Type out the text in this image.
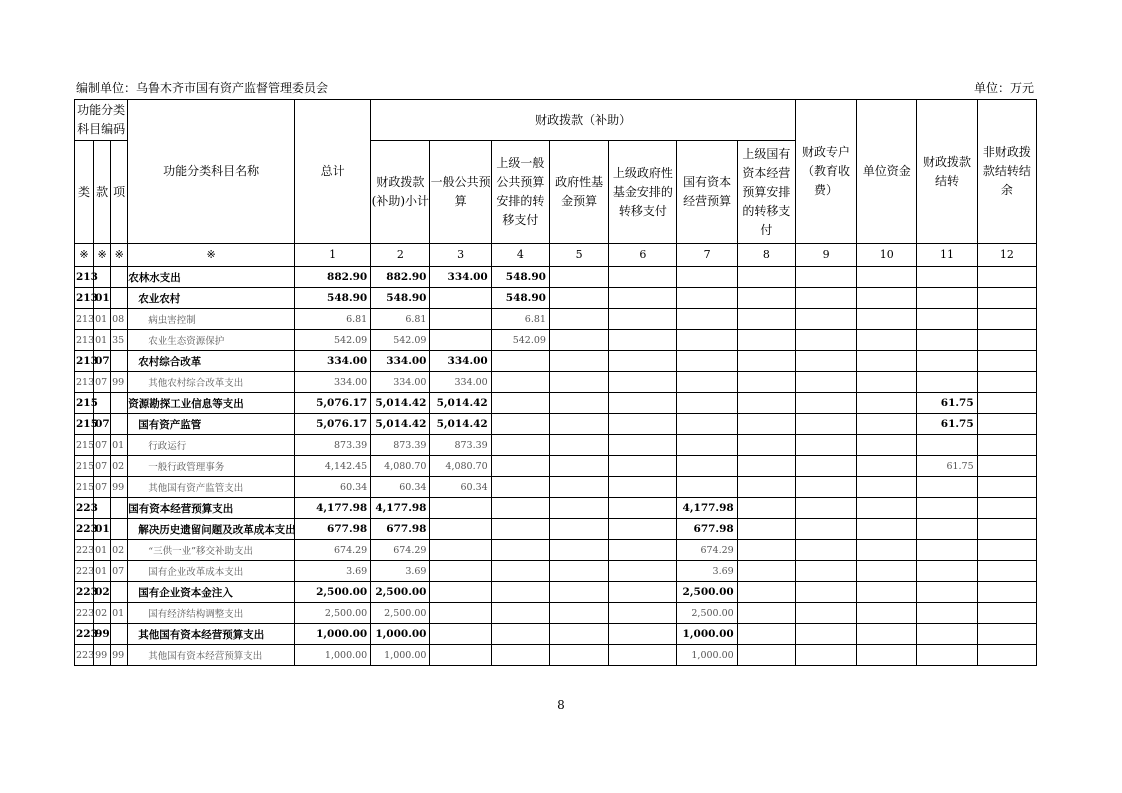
编制单位：乌鲁木齐市国有资产监督管理委员会	单位：万元
功能分类科目编码			功能分类科目名称	总计	财政拨款（补助）							财政专户（教育收费）	单位资金	财政拨款结转	非财政拨款结转结余
类	款	项			财政拨款(补助)小计	一般公共预算	上级一般公共预算安排的转移支付	政府性基金预算	上级政府性基金安排的转移支付	国有资本经营预算	上级国有资本经营预算安排的转移支付				
※	※	※	※	1	2	3	4	5	6	7	8	9	10	11	12
213			农林水支出	882.90	882.90	334.00	548.90								
213	01		农业农村	548.90	548.90		548.90								
213	01	08	病虫害控制	6.81	6.81		6.81								
213	01	35	农业生态资源保护	542.09	542.09		542.09								
213	07		农村综合改革	334.00	334.00	334.00									
213	07	99	其他农村综合改革支出	334.00	334.00	334.00									
215			资源勘探工业信息等支出	5,076.17	5,014.42	5,014.42								61.75	
215	07		国有资产监管	5,076.17	5,014.42	5,014.42								61.75	
215	07	01	行政运行	873.39	873.39	873.39									
215	07	02	一般行政管理事务	4,142.45	4,080.70	4,080.70								61.75	
215	07	99	其他国有资产监管支出	60.34	60.34	60.34									
223			国有资本经营预算支出	4,177.98	4,177.98					4,177.98					
223	01		解决历史遗留问题及改革成本支出	677.98	677.98					677.98					
223	01	02	“三供一业”移交补助支出	674.29	674.29					674.29					
223	01	07	国有企业改革成本支出	3.69	3.69					3.69					
223	02		国有企业资本金注入	2,500.00	2,500.00					2,500.00					
223	02	01	国有经济结构调整支出	2,500.00	2,500.00					2,500.00					
223	99		其他国有资本经营预算支出	1,000.00	1,000.00					1,000.00					
223	99	99	其他国有资本经营预算支出	1,000.00	1,000.00					1,000.00					
8
